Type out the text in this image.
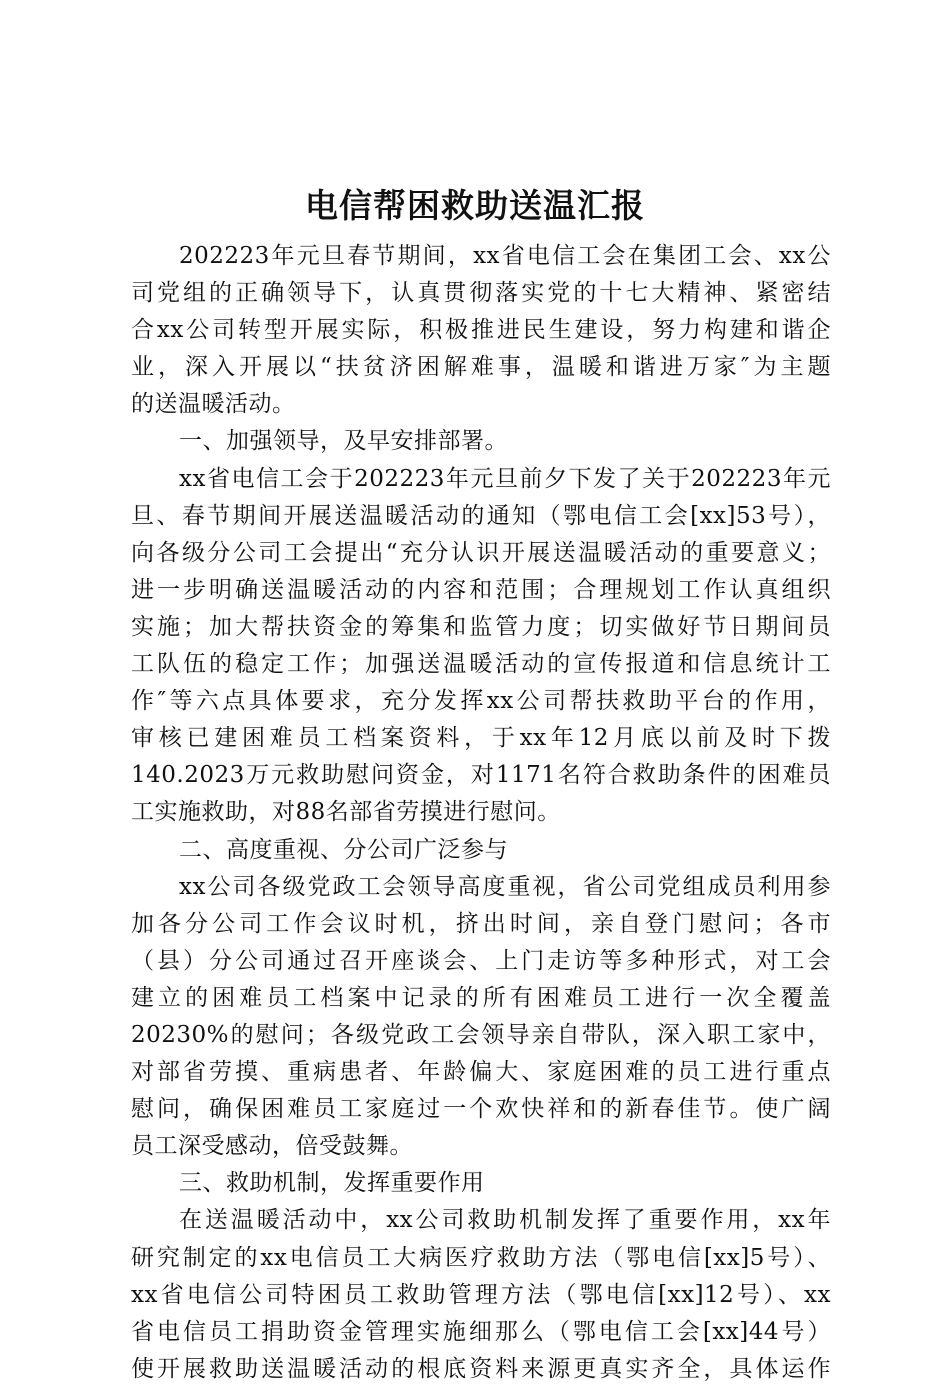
电信帮困救助送温汇报
202223年元旦春节期间，xx省电信工会在集团工会、xx公
司党组的正确领导下，认真贯彻落实党的十七大精神、紧密结
合xx公司转型开展实际，积极推进民生建设，努力构建和谐企
业，深入开展以“扶贫济困解难事，温暖和谐进万家″为主题
的送温暖活动。
一、加强领导，及早安排部署。
xx省电信工会于202223年元旦前夕下发了关于202223年元
旦、春节期间开展送温暖活动的通知（鄂电信工会[xx]53号），
向各级分公司工会提出“充分认识开展送温暖活动的重要意义；
进一步明确送温暖活动的内容和范围；合理规划工作认真组织
实施；加大帮扶资金的筹集和监管力度；切实做好节日期间员
工队伍的稳定工作；加强送温暖活动的宣传报道和信息统计工
作″等六点具体要求，充分发挥xx公司帮扶救助平台的作用，
审核已建困难员工档案资料，于xx年12月底以前及时下拨
140.2023万元救助慰问资金，对1171名符合救助条件的困难员
工实施救助，对88名部省劳摸进行慰问。
二、高度重视、分公司广泛参与
xx公司各级党政工会领导高度重视，省公司党组成员利用参
加各分公司工作会议时机，挤出时间，亲自登门慰问；各市
（县）分公司通过召开座谈会、上门走访等多种形式，对工会
建立的困难员工档案中记录的所有困难员工进行一次全覆盖
20230%的慰问；各级党政工会领导亲自带队，深入职工家中，
对部省劳摸、重病患者、年龄偏大、家庭困难的员工进行重点
慰问，确保困难员工家庭过一个欢快祥和的新春佳节。使广阔
员工深受感动，倍受鼓舞。
三、救助机制，发挥重要作用
在送温暖活动中，xx公司救助机制发挥了重要作用，xx年
研究制定的xx电信员工大病医疗救助方法（鄂电信[xx]5号）、
xx省电信公司特困员工救助管理方法（鄂电信[xx]12号）、xx
省电信员工捐助资金管理实施细那么（鄂电信工会[xx]44号）
使开展救助送温暖活动的根底资料来源更真实齐全，具体运作
